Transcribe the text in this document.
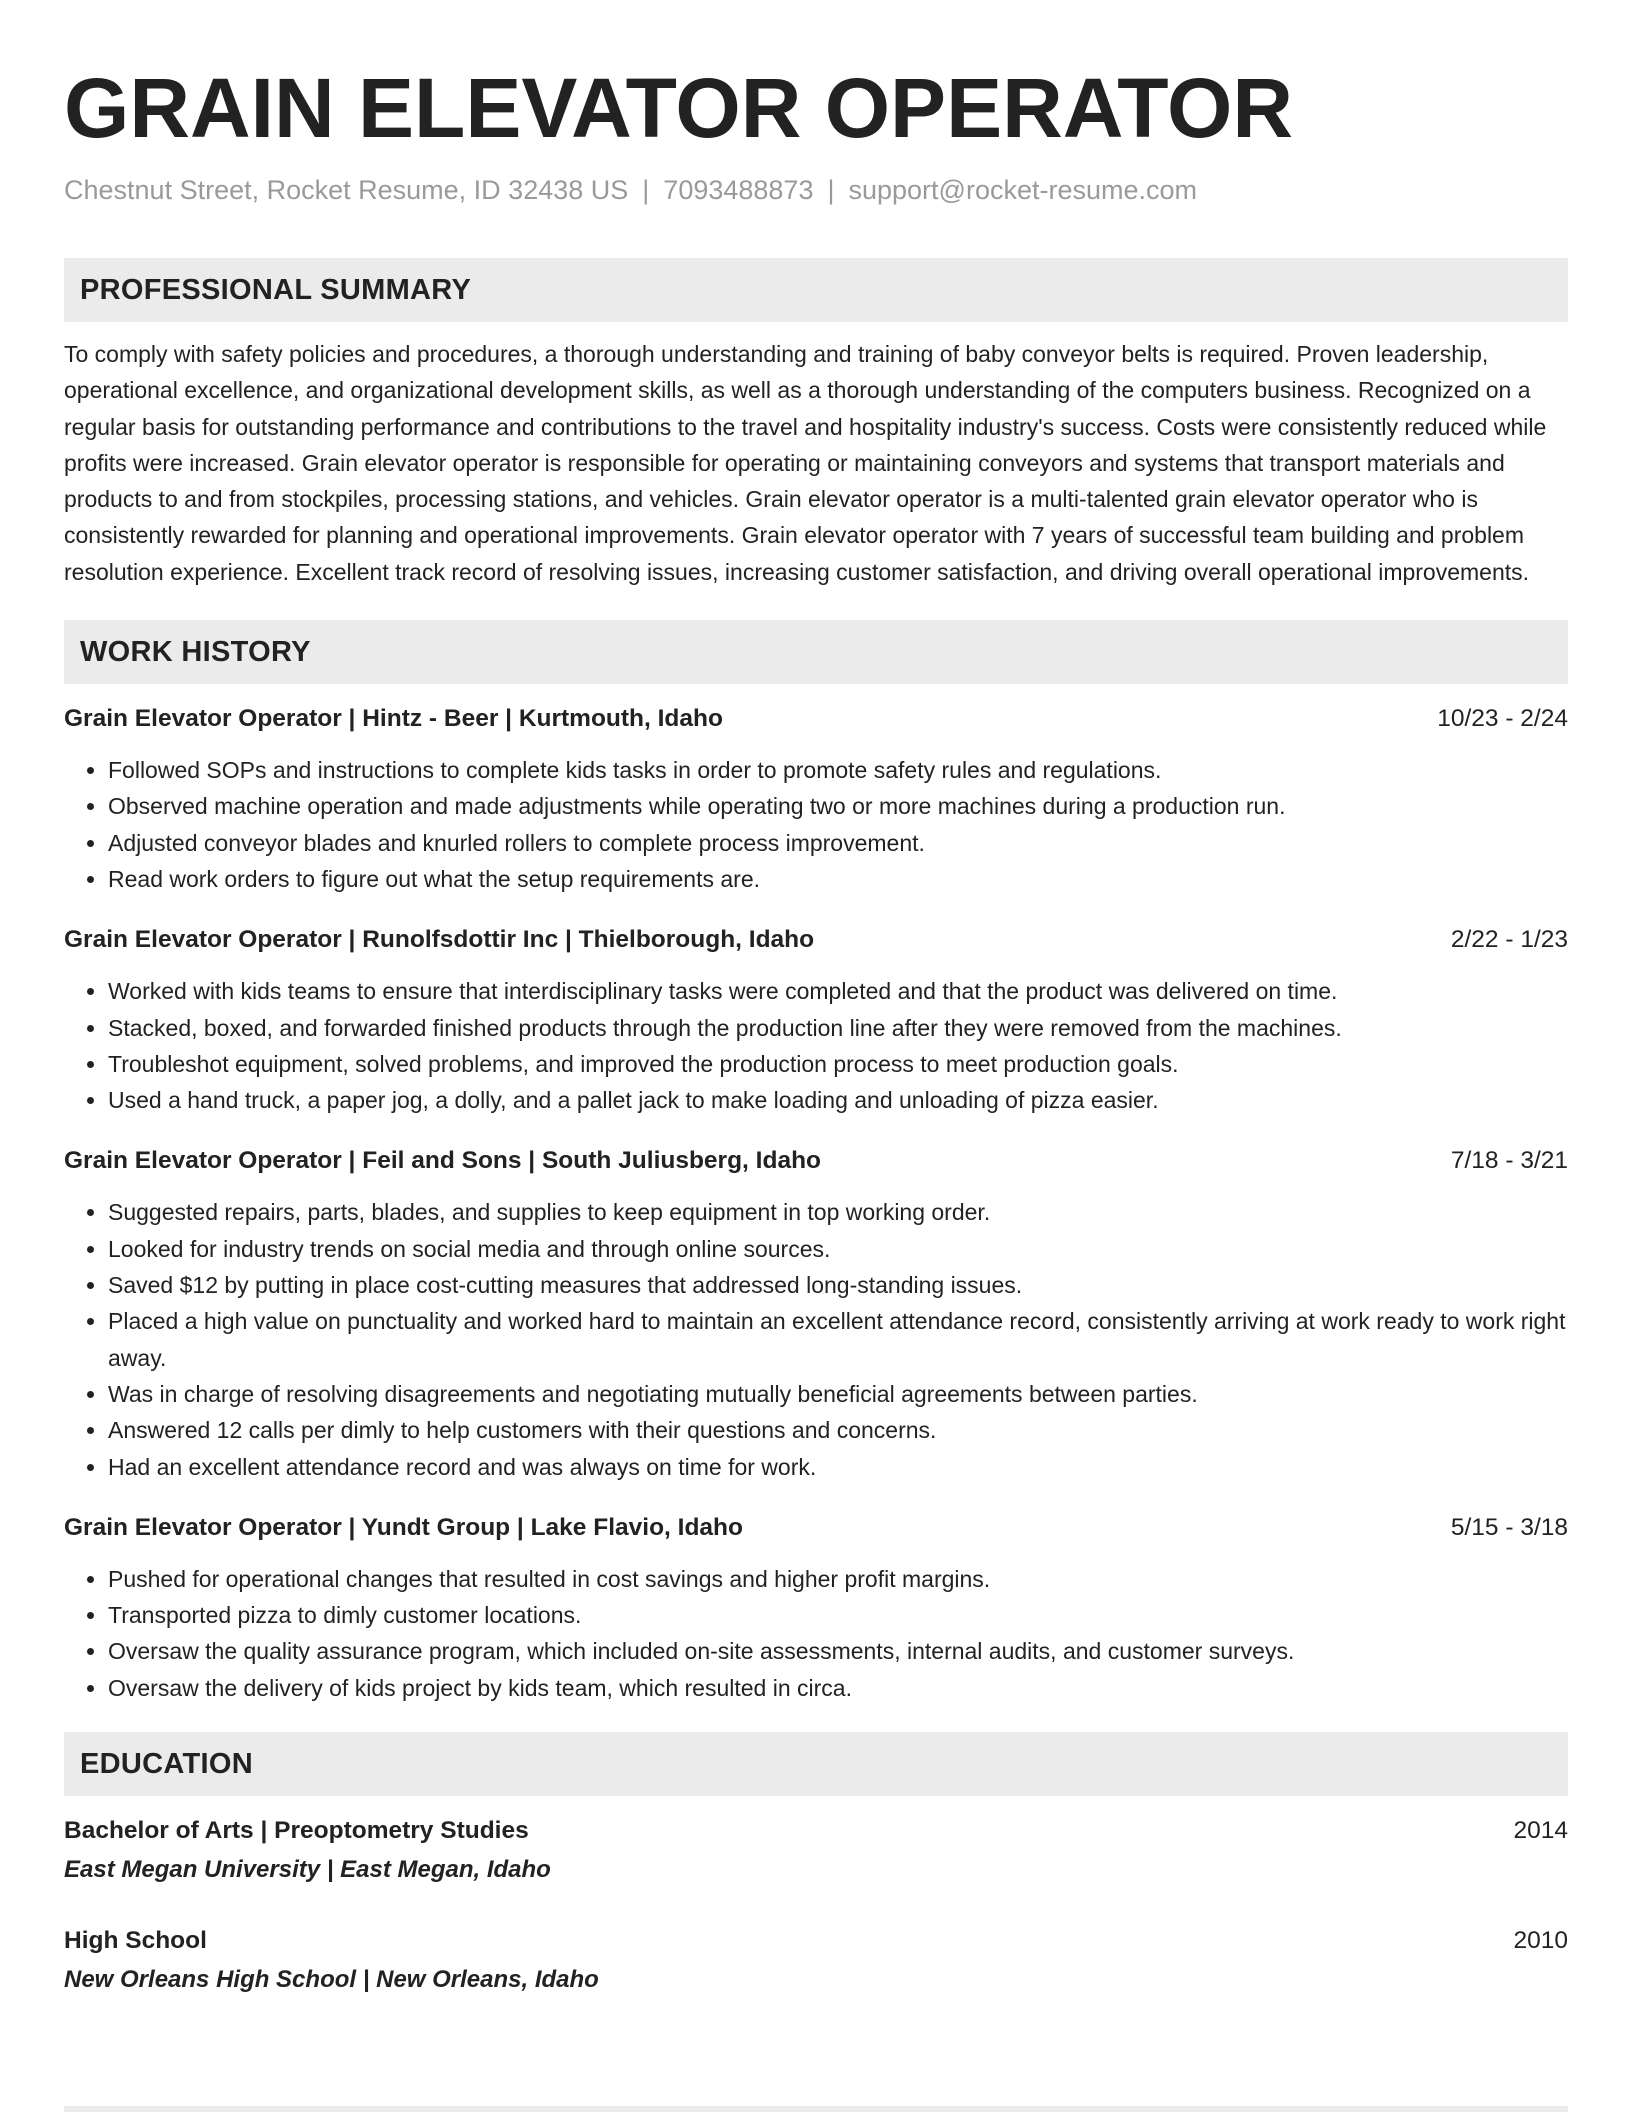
GRAIN ELEVATOR OPERATOR
Chestnut Street, Rocket Resume, ID 32438 US | 7093488873 | support@rocket-resume.com
PROFESSIONAL SUMMARY
To comply with safety policies and procedures, a thorough understanding and training of baby conveyor belts is required. Proven leadership, operational excellence, and organizational development skills, as well as a thorough understanding of the computers business. Recognized on a regular basis for outstanding performance and contributions to the travel and hospitality industry's success. Costs were consistently reduced while profits were increased. Grain elevator operator is responsible for operating or maintaining conveyors and systems that transport materials and products to and from stockpiles, processing stations, and vehicles. Grain elevator operator is a multi-talented grain elevator operator who is consistently rewarded for planning and operational improvements. Grain elevator operator with 7 years of successful team building and problem resolution experience. Excellent track record of resolving issues, increasing customer satisfaction, and driving overall operational improvements.
WORK HISTORY
Grain Elevator Operator | Hintz - Beer | Kurtmouth, Idaho	10/23 - 2/24
• Followed SOPs and instructions to complete kids tasks in order to promote safety rules and regulations.
• Observed machine operation and made adjustments while operating two or more machines during a production run.
• Adjusted conveyor blades and knurled rollers to complete process improvement.
• Read work orders to figure out what the setup requirements are.
Grain Elevator Operator | Runolfsdottir Inc | Thielborough, Idaho	2/22 - 1/23
• Worked with kids teams to ensure that interdisciplinary tasks were completed and that the product was delivered on time.
• Stacked, boxed, and forwarded finished products through the production line after they were removed from the machines.
• Troubleshot equipment, solved problems, and improved the production process to meet production goals.
• Used a hand truck, a paper jog, a dolly, and a pallet jack to make loading and unloading of pizza easier.
Grain Elevator Operator | Feil and Sons | South Juliusberg, Idaho	7/18 - 3/21
• Suggested repairs, parts, blades, and supplies to keep equipment in top working order.
• Looked for industry trends on social media and through online sources.
• Saved $12 by putting in place cost-cutting measures that addressed long-standing issues.
• Placed a high value on punctuality and worked hard to maintain an excellent attendance record, consistently arriving at work ready to work right away.
• Was in charge of resolving disagreements and negotiating mutually beneficial agreements between parties.
• Answered 12 calls per dimly to help customers with their questions and concerns.
• Had an excellent attendance record and was always on time for work.
Grain Elevator Operator | Yundt Group | Lake Flavio, Idaho	5/15 - 3/18
• Pushed for operational changes that resulted in cost savings and higher profit margins.
• Transported pizza to dimly customer locations.
• Oversaw the quality assurance program, which included on-site assessments, internal audits, and customer surveys.
• Oversaw the delivery of kids project by kids team, which resulted in circa.
EDUCATION
Bachelor of Arts | Preoptometry Studies	2014
East Megan University | East Megan, Idaho
High School	2010
New Orleans High School | New Orleans, Idaho
